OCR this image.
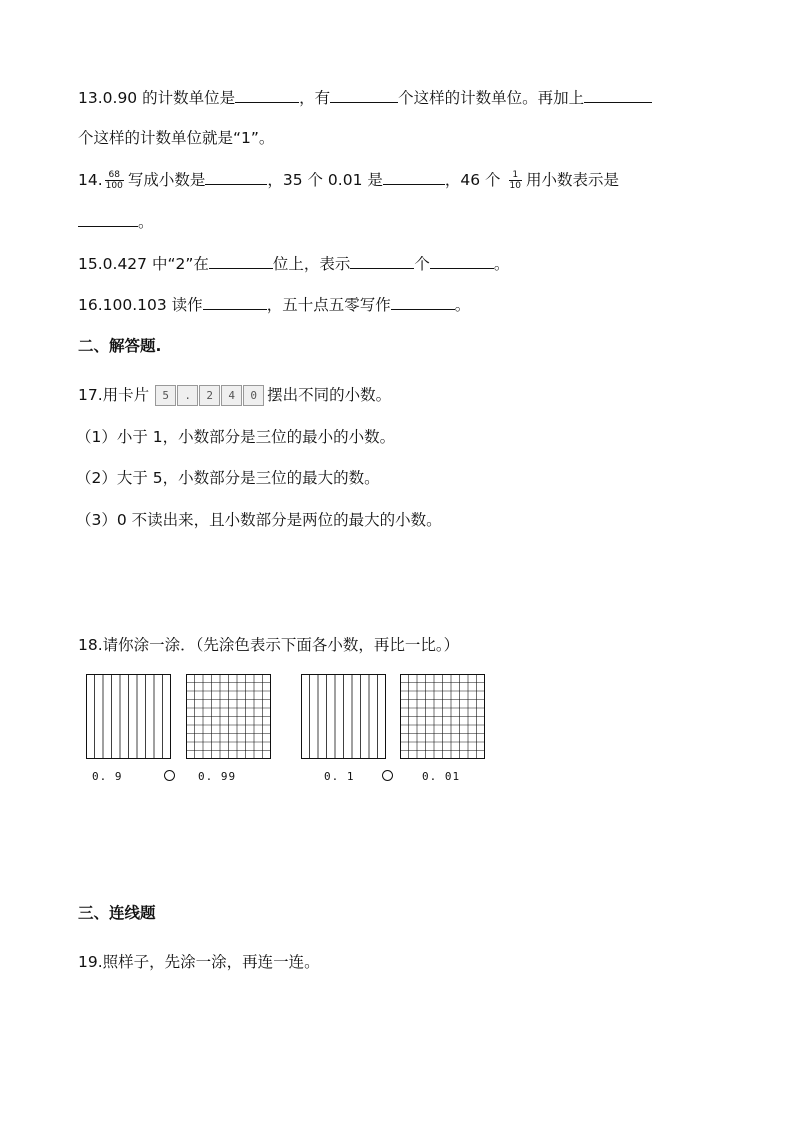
13.0.90 的计数单位是	，有	个这样的计数单位。再加上
个这样的计数单位就是“1”。
14. $\frac{68}{100}$ 写成小数是	，35 个 0.01 是	，46 个 $\frac{1}{10}$ 用小数表示是
。
15.0.427 中“2”在	位上，表示	个	。
16.100.103 读作	，五十点五零写作	。
二、解答题.
17.用卡片	5	.	2	4	0 摆出不同的小数。
（1）小于 1，小数部分是三位的最小的小数。
（2）大于 5，小数部分是三位的最大的数。
（3）0 不读出来，且小数部分是两位的最大的小数。
18.请你涂一涂．（先涂色表示下面各小数，再比一比。）
0. 9	0. 99	0. 1	0. 01
三、连线题
19.照样子，先涂一涂，再连一连。
